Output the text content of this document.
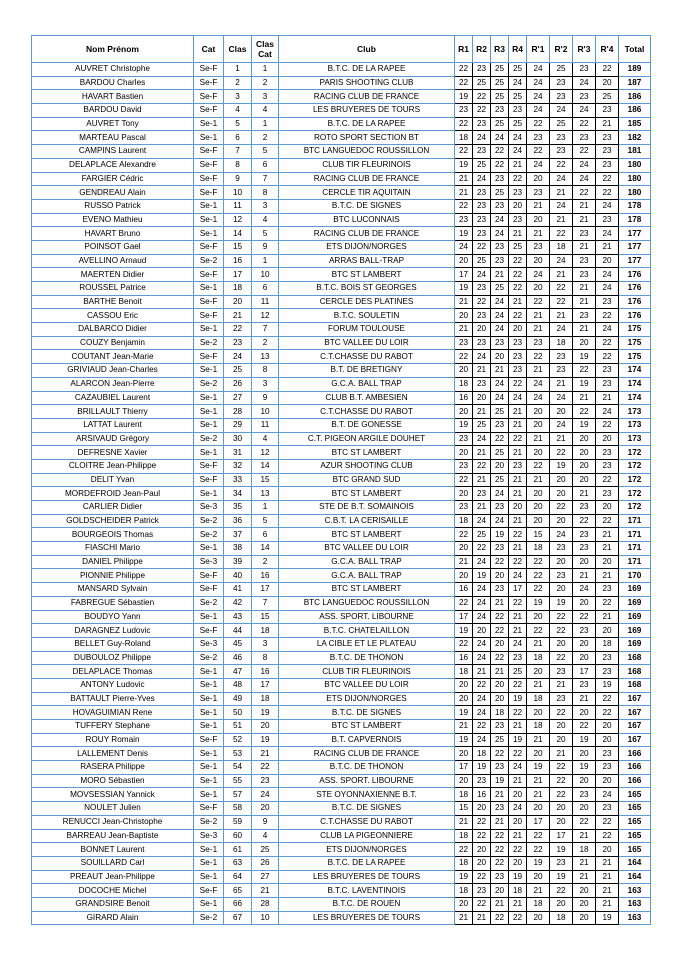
Nom Prénom	Cat	Clas	Clas
Cat	Club	R1	R2	R3	R4	R'1	R'2	R'3	R'4	Total
AUVRET Christophe	Se-F	1	1	B.T.C. DE LA RAPEE	22	23	25	25	24	25	23	22	189
BARDOU Charles	Se-F	2	2	PARIS SHOOTING CLUB	22	25	25	24	24	23	24	20	187
HAVART Bastien	Se-F	3	3	RACING CLUB DE FRANCE	19	22	25	25	24	23	23	25	186
BARDOU David	Se-F	4	4	LES BRUYERES DE TOURS	23	22	23	23	24	24	24	23	186
AUVRET Tony	Se-1	5	1	B.T.C. DE LA RAPEE	22	23	25	25	22	25	22	21	185
MARTEAU Pascal	Se-1	6	2	ROTO SPORT SECTION BT	18	24	24	24	23	23	23	23	182
CAMPINS Laurent	Se-F	7	5	BTC LANGUEDOC ROUSSILLON	22	23	22	24	22	23	22	23	181
DELAPLACE Alexandre	Se-F	8	6	CLUB TIR FLEURINOIS	19	25	22	21	24	22	24	23	180
FARGIER Cédric	Se-F	9	7	RACING CLUB DE FRANCE	21	24	23	22	20	24	24	22	180
GENDREAU Alain	Se-F	10	8	CERCLE TIR AQUITAIN	21	23	25	23	23	21	22	22	180
RUSSO Patrick	Se-1	11	3	B.T.C. DE SIGNES	22	23	23	20	21	24	21	24	178
EVENO Mathieu	Se-1	12	4	BTC LUCONNAIS	23	23	24	23	20	21	21	23	178
HAVART Bruno	Se-1	14	5	RACING CLUB DE FRANCE	19	23	24	21	21	22	23	24	177
POINSOT Gael	Se-F	15	9	ETS DIJON/NORGES	24	22	23	25	23	18	21	21	177
AVELLINO Arnaud	Se-2	16	1	ARRAS BALL-TRAP	20	25	23	22	20	24	23	20	177
MAERTEN Didier	Se-F	17	10	BTC ST LAMBERT	17	24	21	22	24	21	23	24	176
ROUSSEL Patrice	Se-1	18	6	B.T.C. BOIS ST GEORGES	19	23	25	22	20	22	21	24	176
BARTHE Benoit	Se-F	20	11	CERCLE DES PLATINES	21	22	24	21	22	22	21	23	176
CASSOU Eric	Se-F	21	12	B.T.C. SOULETIN	20	23	24	22	21	21	23	22	176
DALBARCO Didier	Se-1	22	7	FORUM TOULOUSE	21	20	24	20	21	24	21	24	175
COUZY Benjamin	Se-2	23	2	BTC VALLEE DU LOIR	23	23	23	23	23	18	20	22	175
COUTANT Jean-Marie	Se-F	24	13	C.T.CHASSE DU RABOT	22	24	20	23	22	23	19	22	175
GRIVIAUD Jean-Charles	Se-1	25	8	B.T. DE BRETIGNY	20	21	21	23	21	23	22	23	174
ALARCON Jean-Pierre	Se-2	26	3	G.C.A. BALL TRAP	18	23	24	22	24	21	19	23	174
CAZAUBIEL Laurent	Se-1	27	9	CLUB B.T. AMBESIEN	16	20	24	24	24	24	21	21	174
BRILLAULT Thierry	Se-1	28	10	C.T.CHASSE DU RABOT	20	21	25	21	20	20	22	24	173
LATTAT Laurent	Se-1	29	11	B.T. DE GONESSE	19	25	23	21	20	24	19	22	173
ARSIVAUD Grégory	Se-2	30	4	C.T. PIGEON ARGILE DOUHET	23	24	22	22	21	21	20	20	173
DEFRESNE Xavier	Se-1	31	12	BTC ST LAMBERT	20	21	25	21	20	22	20	23	172
CLOITRE Jean-Philippe	Se-F	32	14	AZUR SHOOTING CLUB	23	22	20	23	22	19	20	23	172
DELIT Yvan	Se-F	33	15	BTC GRAND SUD	22	21	25	21	21	20	20	22	172
MORDEFROID Jean-Paul	Se-1	34	13	BTC ST LAMBERT	20	23	24	21	20	20	21	23	172
CARLIER Didier	Se-3	35	1	STE DE B.T. SOMAINOIS	23	21	23	20	20	22	23	20	172
GOLDSCHEIDER Patrick	Se-2	36	5	C.B.T. LA CERISAILLE	18	24	24	21	20	20	22	22	171
BOURGEOIS Thomas	Se-2	37	6	BTC ST LAMBERT	22	25	19	22	15	24	23	21	171
FIASCHI Mario	Se-1	38	14	BTC VALLEE DU LOIR	20	22	23	21	18	23	23	21	171
DANIEL Philippe	Se-3	39	2	G.C.A. BALL TRAP	21	24	22	22	22	20	20	20	171
PIONNIE Philippe	Se-F	40	16	G.C.A. BALL TRAP	20	19	20	24	22	23	21	21	170
MANSARD Sylvain	Se-F	41	17	BTC ST LAMBERT	16	24	23	17	22	20	24	23	169
FABREGUE Sébastien	Se-2	42	7	BTC LANGUEDOC ROUSSILLON	22	24	21	22	19	19	20	22	169
BOUDYO Yann	Se-1	43	15	ASS. SPORT. LIBOURNE	17	24	22	21	20	22	22	21	169
DARAGNEZ Ludovic	Se-F	44	18	B.T.C. CHATELAILLON	19	20	22	21	22	22	23	20	169
BELLET Guy-Roland	Se-3	45	3	LA CIBLE ET LE PLATEAU	22	24	20	24	21	20	20	18	169
DUBOULOZ Philippe	Se-2	46	8	B.T.C. DE THONON	16	24	22	23	18	22	20	23	168
DELAPLACE Thomas	Se-1	47	16	CLUB TIR FLEURINOIS	18	21	21	25	20	23	17	23	168
ANTONY Ludovic	Se-1	48	17	BTC VALLEE DU LOIR	20	22	20	22	21	21	23	19	168
BATTAULT Pierre-Yves	Se-1	49	18	ETS DIJON/NORGES	20	24	20	19	18	23	21	22	167
HOVAGUIMIAN Rene	Se-1	50	19	B.T.C. DE SIGNES	19	24	18	22	20	22	20	22	167
TUFFERY Stephane	Se-1	51	20	BTC ST LAMBERT	21	22	23	21	18	20	22	20	167
ROUY Romain	Se-F	52	19	B.T. CAPVERNOIS	19	24	25	19	21	20	19	20	167
LALLEMENT Denis	Se-1	53	21	RACING CLUB DE FRANCE	20	18	22	22	20	21	20	23	166
RASERA Philippe	Se-1	54	22	B.T.C. DE THONON	17	19	23	24	19	22	19	23	166
MORO Sébastien	Se-1	55	23	ASS. SPORT. LIBOURNE	20	23	19	21	21	22	20	20	166
MOVSESSIAN Yannick	Se-1	57	24	STE OYONNAXIENNE B.T.	18	16	21	20	21	22	23	24	165
NOULET Julien	Se-F	58	20	B.T.C. DE SIGNES	15	20	23	24	20	20	20	23	165
RENUCCI Jean-Christophe	Se-2	59	9	C.T.CHASSE DU RABOT	21	22	21	20	17	20	22	22	165
BARREAU Jean-Baptiste	Se-3	60	4	CLUB LA PIGEONNIERE	18	22	22	21	22	17	21	22	165
BONNET Laurent	Se-1	61	25	ETS DIJON/NORGES	22	20	22	22	22	19	18	20	165
SOUILLARD Carl	Se-1	63	26	B.T.C. DE LA RAPEE	18	20	22	20	19	23	21	21	164
PREAUT Jean-Philippe	Se-1	64	27	LES BRUYERES DE TOURS	19	22	23	19	20	19	21	21	164
DOCOCHE Michel	Se-F	65	21	B.T.C. LAVENTINOIS	18	23	20	18	21	22	20	21	163
GRANDSIRE Benoit	Se-1	66	28	B.T.C. DE ROUEN	20	22	21	21	18	20	20	21	163
GIRARD Alain	Se-2	67	10	LES BRUYERES DE TOURS	21	21	22	22	20	18	20	19	163
